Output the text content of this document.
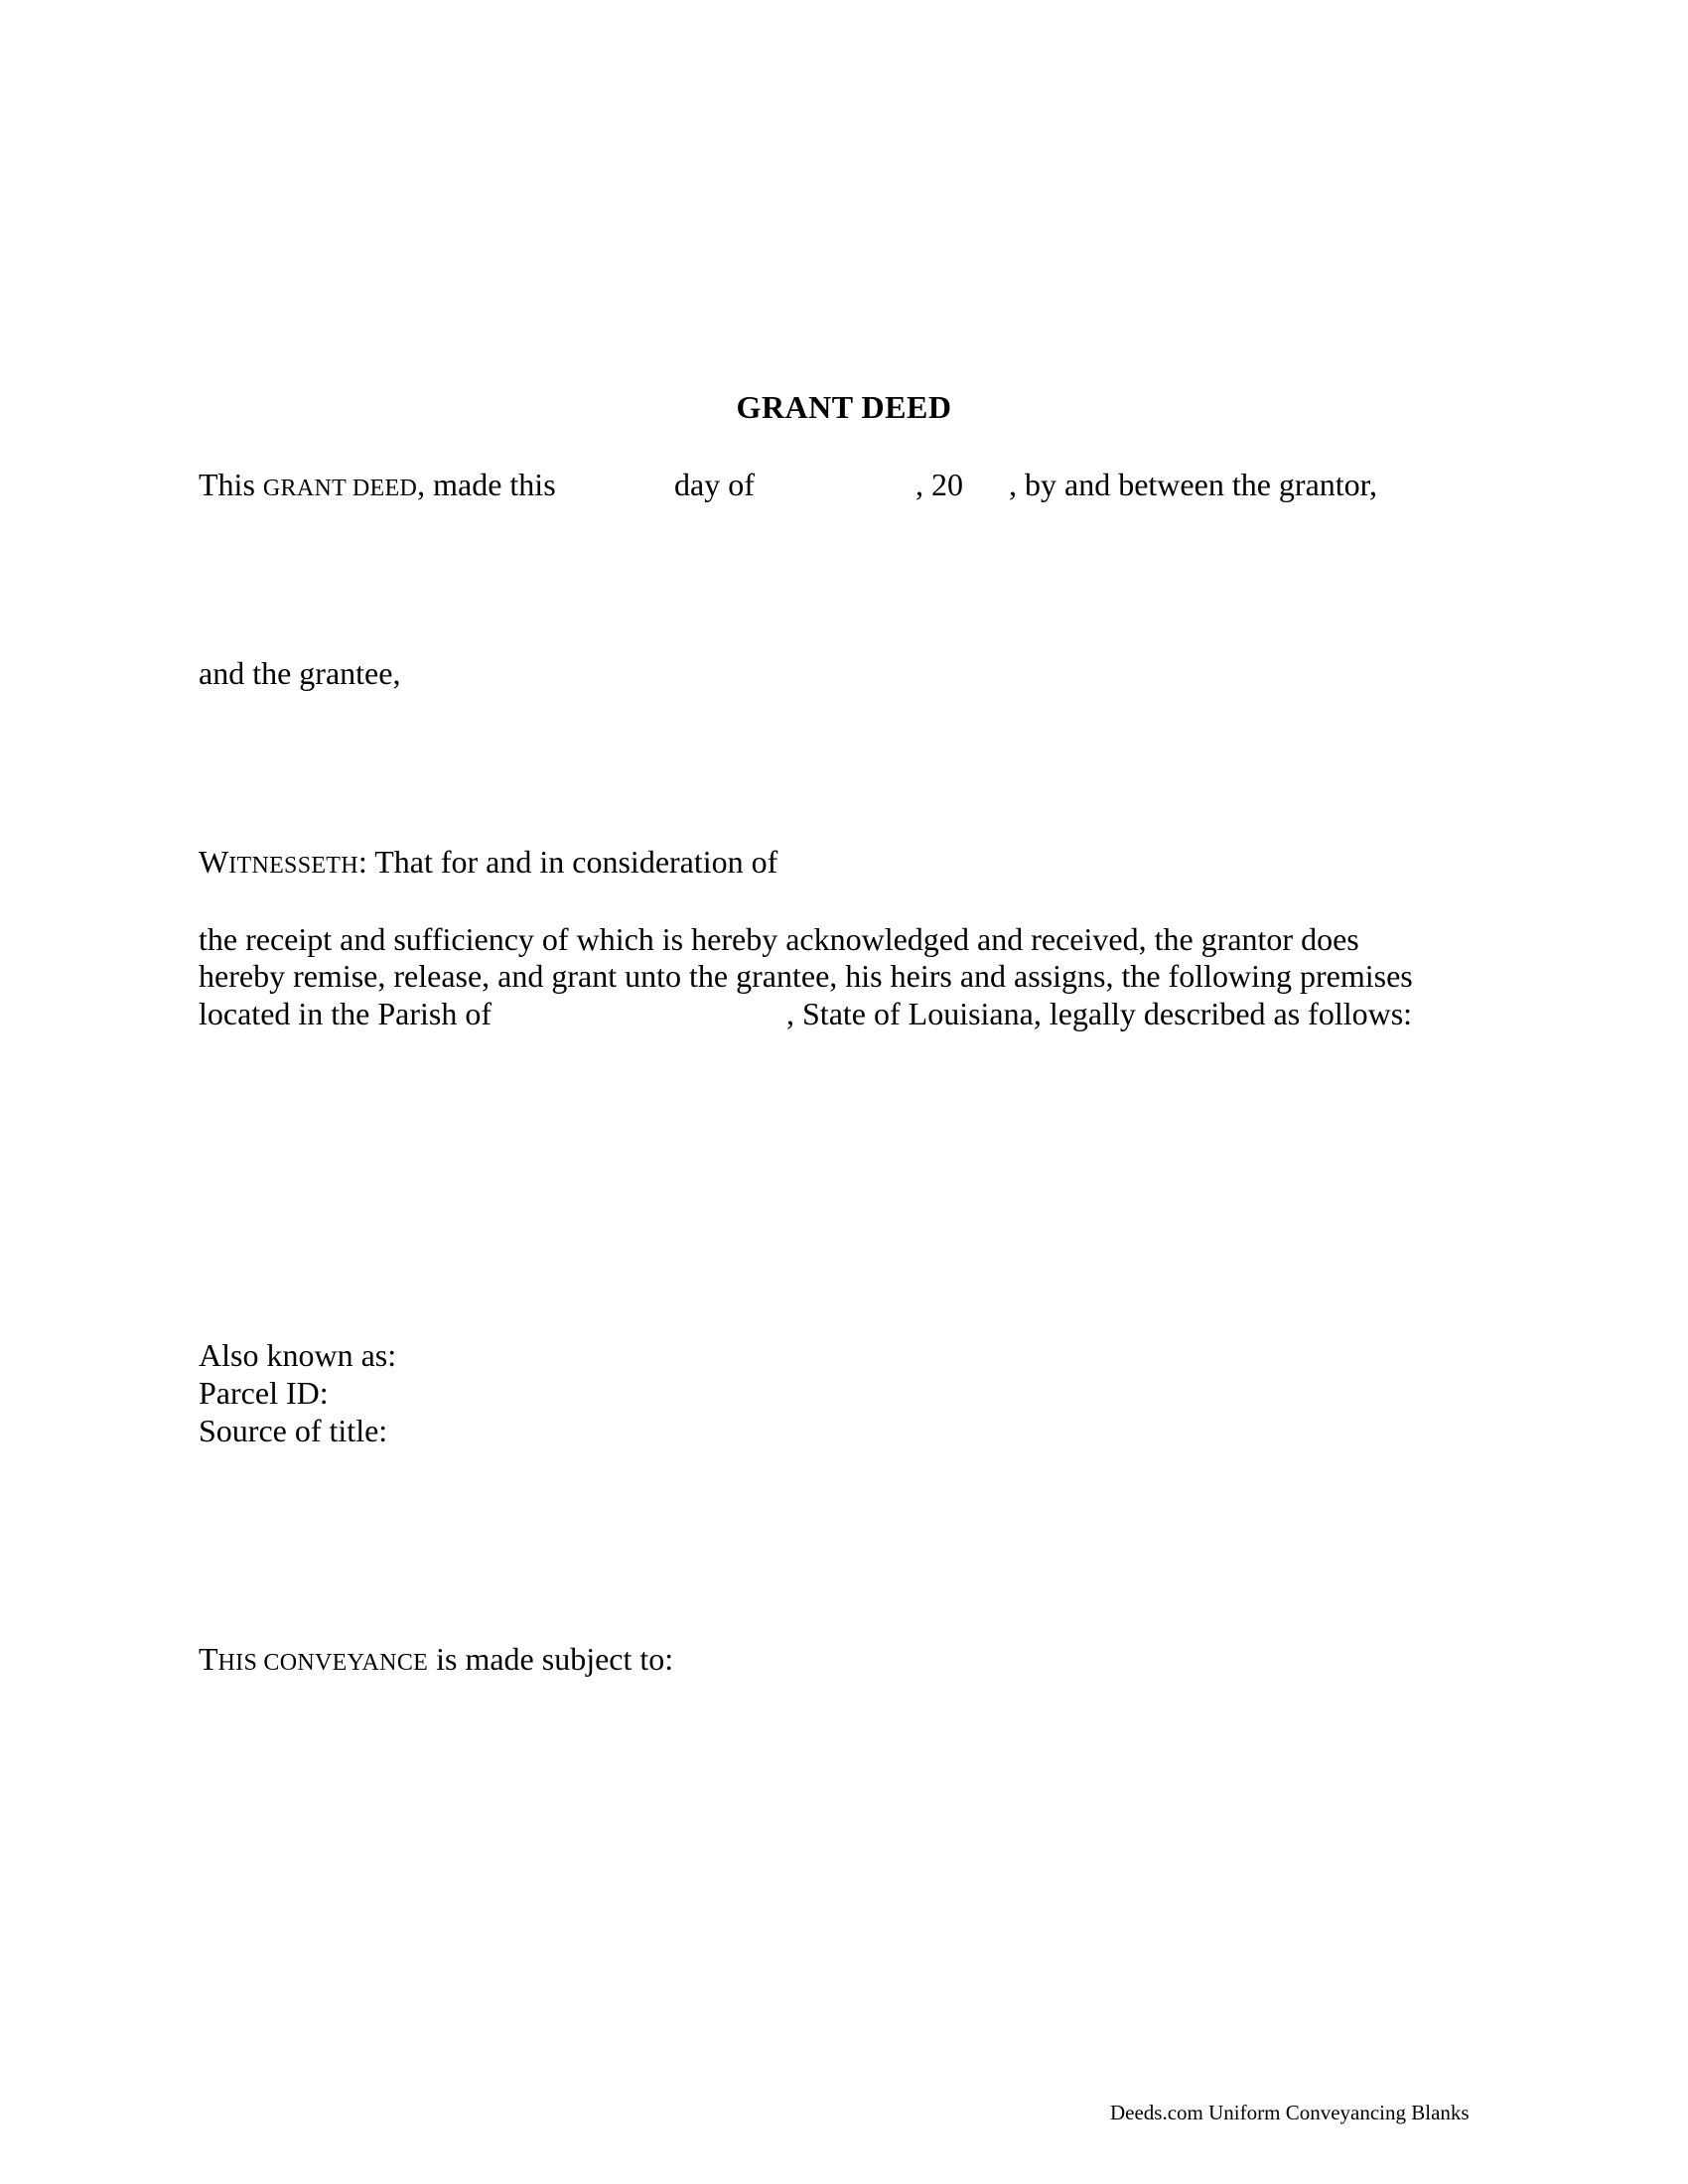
GRANT DEED
This GRANT DEED, made this	day of	, 20 , by and between the grantor,
and the grantee,
WITNESSETH: That for and in consideration of
the receipt and sufficiency of which is hereby acknowledged and received, the grantor does
hereby remise, release, and grant unto the grantee, his heirs and assigns, the following premises
located in the Parish of	, State of Louisiana, legally described as follows:
Also known as:
Parcel ID:
Source of title:
THIS CONVEYANCE is made subject to:
Deeds.com Uniform Conveyancing Blanks
